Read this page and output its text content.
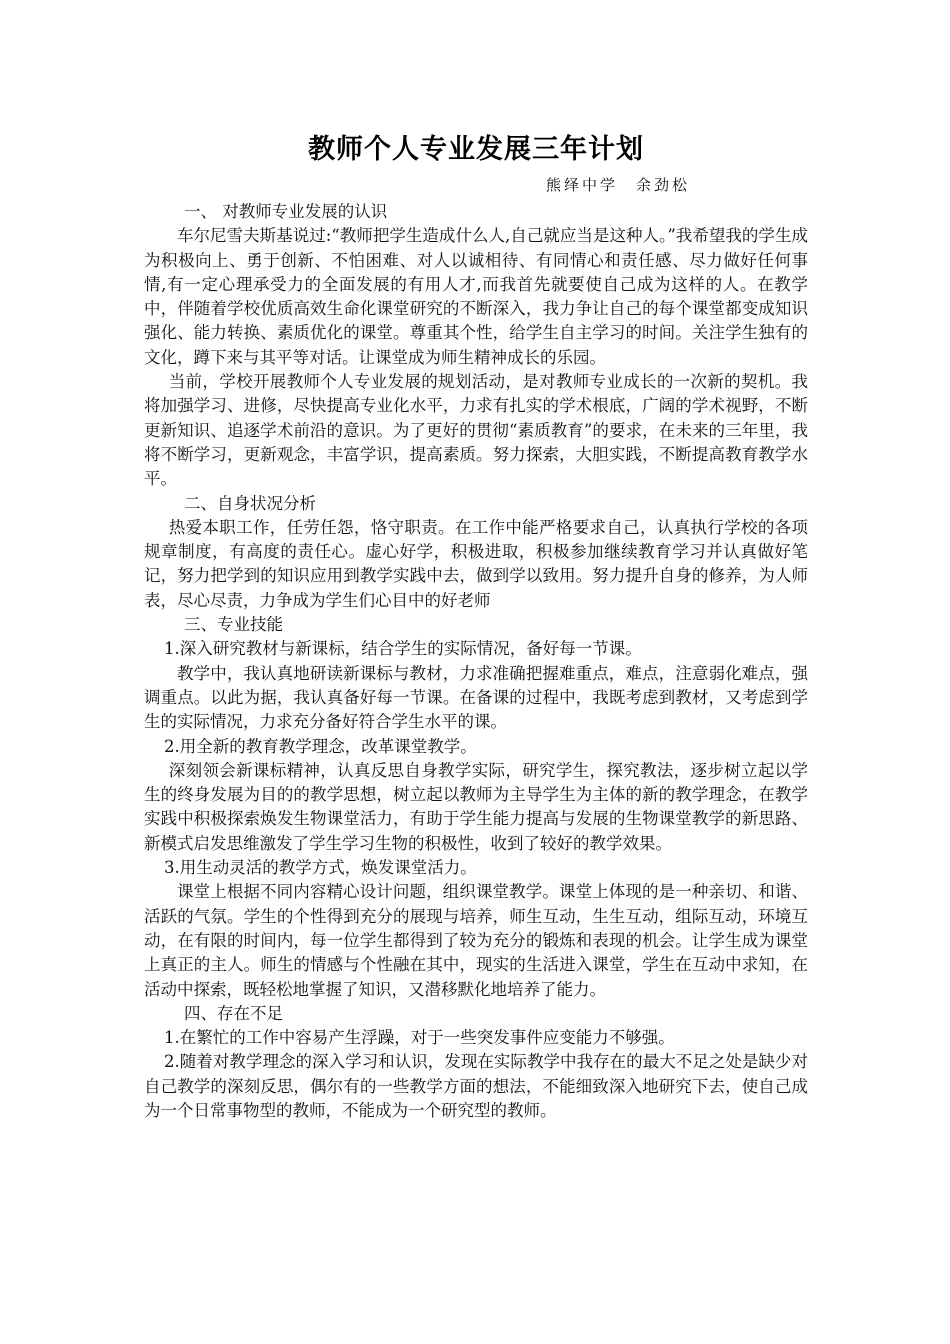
教师个人专业发展三年计划

熊绎中学　余劲松

一、 对教师专业发展的认识

车尔尼雪夫斯基说过:“教师把学生造成什么人,自己就应当是这种人。”我希望我的学生成为积极向上、勇于创新、不怕困难、对人以诚相待、有同情心和责任感、尽力做好任何事情,有一定心理承受力的全面发展的有用人才,而我首先就要使自己成为这样的人。在教学中，伴随着学校优质高效生命化课堂研究的不断深入，我力争让自己的每个课堂都变成知识强化、能力转换、素质优化的课堂。尊重其个性，给学生自主学习的时间。关注学生独有的文化，蹲下来与其平等对话。让课堂成为师生精神成长的乐园。

当前，学校开展教师个人专业发展的规划活动，是对教师专业成长的一次新的契机。我将加强学习、进修，尽快提高专业化水平，力求有扎实的学术根底，广阔的学术视野，不断更新知识、追逐学术前沿的意识。为了更好的贯彻“素质教育”的要求，在未来的三年里，我将不断学习，更新观念，丰富学识，提高素质。努力探索，大胆实践，不断提高教育教学水平。

二、自身状况分析

热爱本职工作，任劳任怨，恪守职责。在工作中能严格要求自己，认真执行学校的各项规章制度，有高度的责任心。虚心好学，积极进取，积极参加继续教育学习并认真做好笔记，努力把学到的知识应用到教学实践中去，做到学以致用。努力提升自身的修养，为人师表，尽心尽责，力争成为学生们心目中的好老师

三、专业技能

1.深入研究教材与新课标，结合学生的实际情况，备好每一节课。

教学中，我认真地研读新课标与教材，力求准确把握难重点，难点，注意弱化难点，强调重点。以此为据，我认真备好每一节课。在备课的过程中，我既考虑到教材，又考虑到学生的实际情况，力求充分备好符合学生水平的课。

2.用全新的教育教学理念，改革课堂教学。

深刻领会新课标精神，认真反思自身教学实际，研究学生，探究教法，逐步树立起以学生的终身发展为目的的教学思想，树立起以教师为主导学生为主体的新的教学理念，在教学实践中积极探索焕发生物课堂活力，有助于学生能力提高与发展的生物课堂教学的新思路、新模式启发思维激发了学生学习生物的积极性，收到了较好的教学效果。

3.用生动灵活的教学方式，焕发课堂活力。

课堂上根据不同内容精心设计问题，组织课堂教学。课堂上体现的是一种亲切、和谐、活跃的气氛。学生的个性得到充分的展现与培养，师生互动，生生互动，组际互动，环境互动，在有限的时间内，每一位学生都得到了较为充分的锻炼和表现的机会。让学生成为课堂上真正的主人。师生的情感与个性融在其中，现实的生活进入课堂，学生在互动中求知，在活动中探索，既轻松地掌握了知识，又潜移默化地培养了能力。

四、存在不足

1.在繁忙的工作中容易产生浮躁，对于一些突发事件应变能力不够强。

2.随着对教学理念的深入学习和认识，发现在实际教学中我存在的最大不足之处是缺少对自己教学的深刻反思，偶尔有的一些教学方面的想法，不能细致深入地研究下去，使自己成为一个日常事物型的教师，不能成为一个研究型的教师。
